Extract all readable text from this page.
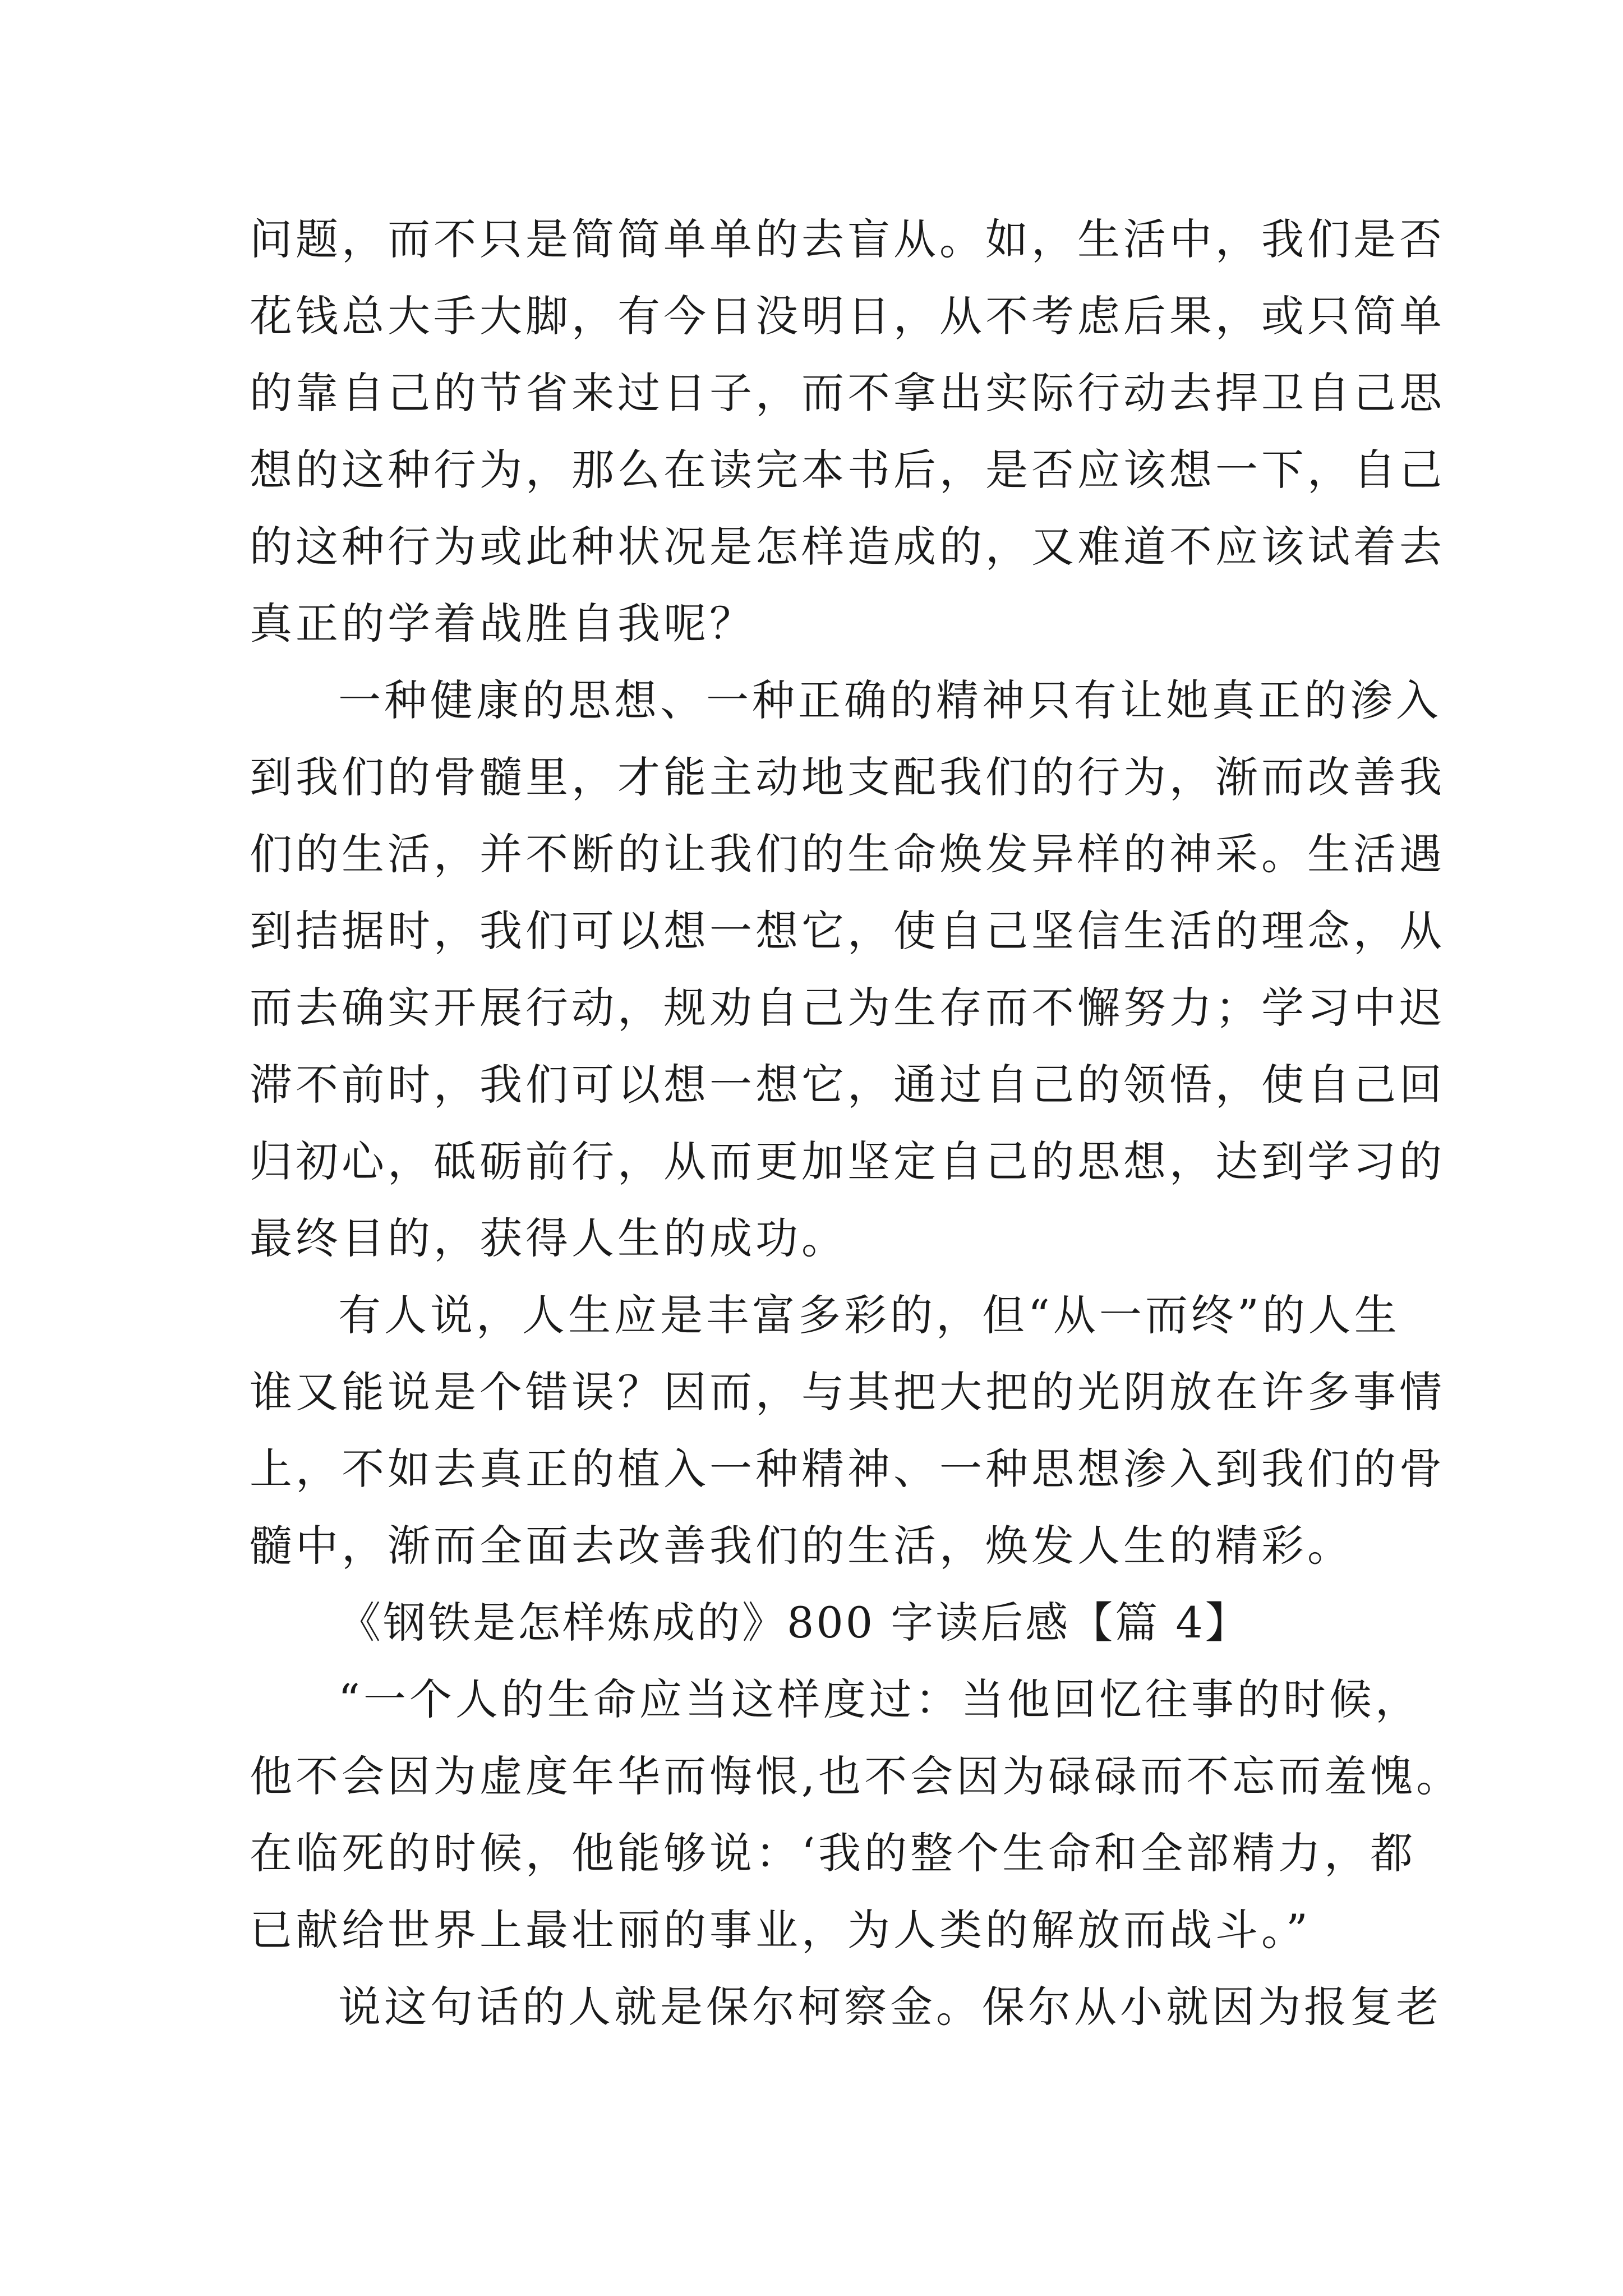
问题，而不只是简简单单的去盲从。如，生活中，我们是否
花钱总大手大脚，有今日没明日，从不考虑后果，或只简单
的靠自己的节省来过日子，而不拿出实际行动去捍卫自己思
想的这种行为，那么在读完本书后，是否应该想一下，自己
的这种行为或此种状况是怎样造成的，又难道不应该试着去
真正的学着战胜自我呢？
一种健康的思想、一种正确的精神只有让她真正的渗入
到我们的骨髓里，才能主动地支配我们的行为，渐而改善我
们的生活，并不断的让我们的生命焕发异样的神采。生活遇
到拮据时，我们可以想一想它，使自己坚信生活的理念，从
而去确实开展行动，规劝自己为生存而不懈努力；学习中迟
滞不前时，我们可以想一想它，通过自己的领悟，使自己回
归初心，砥砺前行，从而更加坚定自己的思想，达到学习的
最终目的，获得人生的成功。
有人说，人生应是丰富多彩的，但“从一而终”的人生
谁又能说是个错误？因而，与其把大把的光阴放在许多事情
上，不如去真正的植入一种精神、一种思想渗入到我们的骨
髓中，渐而全面去改善我们的生活，焕发人生的精彩。
《钢铁是怎样炼成的》800 字读后感【篇 4】
“一个人的生命应当这样度过：当他回忆往事的时候，
他不会因为虚度年华而悔恨,也不会因为碌碌而不忘而羞愧。
在临死的时候，他能够说：‘我的整个生命和全部精力，都
已献给世界上最壮丽的事业，为人类的解放而战斗。”
说这句话的人就是保尔柯察金。保尔从小就因为报复老
